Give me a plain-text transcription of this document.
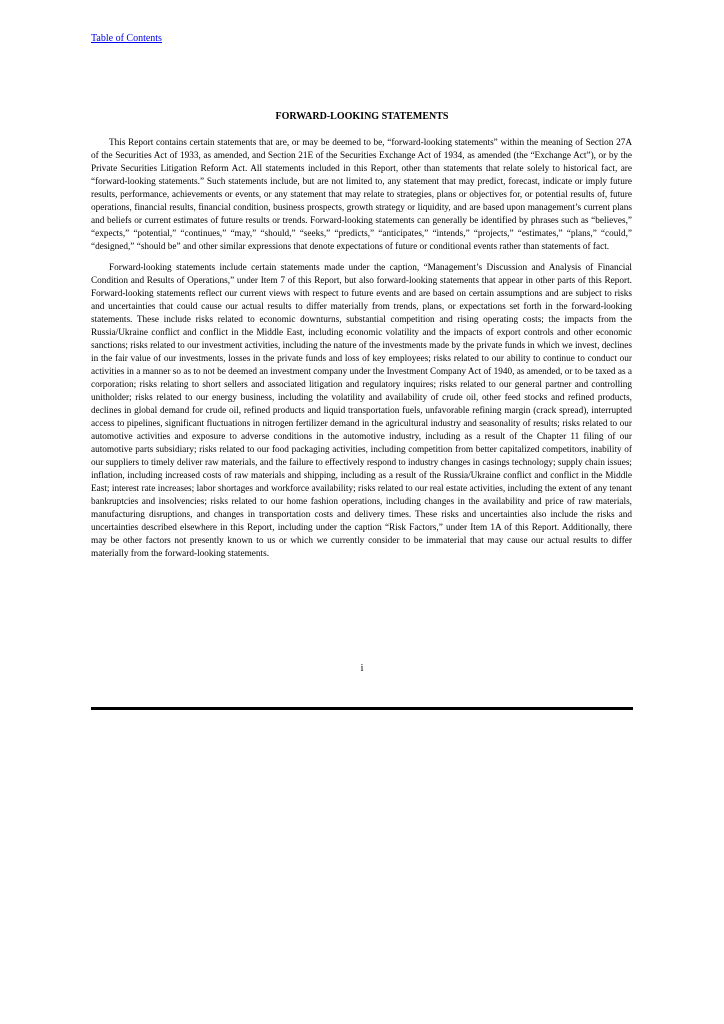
Table of Contents
FORWARD-LOOKING STATEMENTS

This Report contains certain statements that are, or may be deemed to be, “forward-looking statements” within the meaning of Section 27A of the Securities Act of 1933, as amended, and Section 21E of the Securities Exchange Act of 1934, as amended (the “Exchange Act”), or by the Private Securities Litigation Reform Act. All statements included in this Report, other than statements that relate solely to historical fact, are “forward-looking statements.” Such statements include, but are not limited to, any statement that may predict, forecast, indicate or imply future results, performance, achievements or events, or any statement that may relate to strategies, plans or objectives for, or potential results of, future operations, financial results, financial condition, business prospects, growth strategy or liquidity, and are based upon management’s current plans and beliefs or current estimates of future results or trends. Forward-looking statements can generally be identified by phrases such as “believes,” “expects,” “potential,” “continues,” “may,” “should,” “seeks,” “predicts,” “anticipates,” “intends,” “projects,” “estimates,” “plans,” “could,” “designed,” “should be” and other similar expressions that denote expectations of future or conditional events rather than statements of fact.

Forward-looking statements include certain statements made under the caption, “Management’s Discussion and Analysis of Financial Condition and Results of Operations,” under Item 7 of this Report, but also forward-looking statements that appear in other parts of this Report. Forward-looking statements reflect our current views with respect to future events and are based on certain assumptions and are subject to risks and uncertainties that could cause our actual results to differ materially from trends, plans, or expectations set forth in the forward-looking statements. These include risks related to economic downturns, substantial competition and rising operating costs; the impacts from the Russia/Ukraine conflict and conflict in the Middle East, including economic volatility and the impacts of export controls and other economic sanctions; risks related to our investment activities, including the nature of the investments made by the private funds in which we invest, declines in the fair value of our investments, losses in the private funds and loss of key employees; risks related to our ability to continue to conduct our activities in a manner so as to not be deemed an investment company under the Investment Company Act of 1940, as amended, or to be taxed as a corporation; risks relating to short sellers and associated litigation and regulatory inquires; risks related to our general partner and controlling unitholder; risks related to our energy business, including the volatility and availability of crude oil, other feed stocks and refined products, declines in global demand for crude oil, refined products and liquid transportation fuels, unfavorable refining margin (crack spread), interrupted access to pipelines, significant fluctuations in nitrogen fertilizer demand in the agricultural industry and seasonality of results; risks related to our automotive activities and exposure to adverse conditions in the automotive industry, including as a result of the Chapter 11 filing of our automotive parts subsidiary; risks related to our food packaging activities, including competition from better capitalized competitors, inability of our suppliers to timely deliver raw materials, and the failure to effectively respond to industry changes in casings technology; supply chain issues; inflation, including increased costs of raw materials and shipping, including as a result of the Russia/Ukraine conflict and conflict in the Middle East; interest rate increases; labor shortages and workforce availability; risks related to our real estate activities, including the extent of any tenant bankruptcies and insolvencies; risks related to our home fashion operations, including changes in the availability and price of raw materials, manufacturing disruptions, and changes in transportation costs and delivery times. These risks and uncertainties also include the risks and uncertainties described elsewhere in this Report, including under the caption “Risk Factors,” under Item 1A of this Report. Additionally, there may be other factors not presently known to us or which we currently consider to be immaterial that may cause our actual results to differ materially from the forward-looking statements.

i
